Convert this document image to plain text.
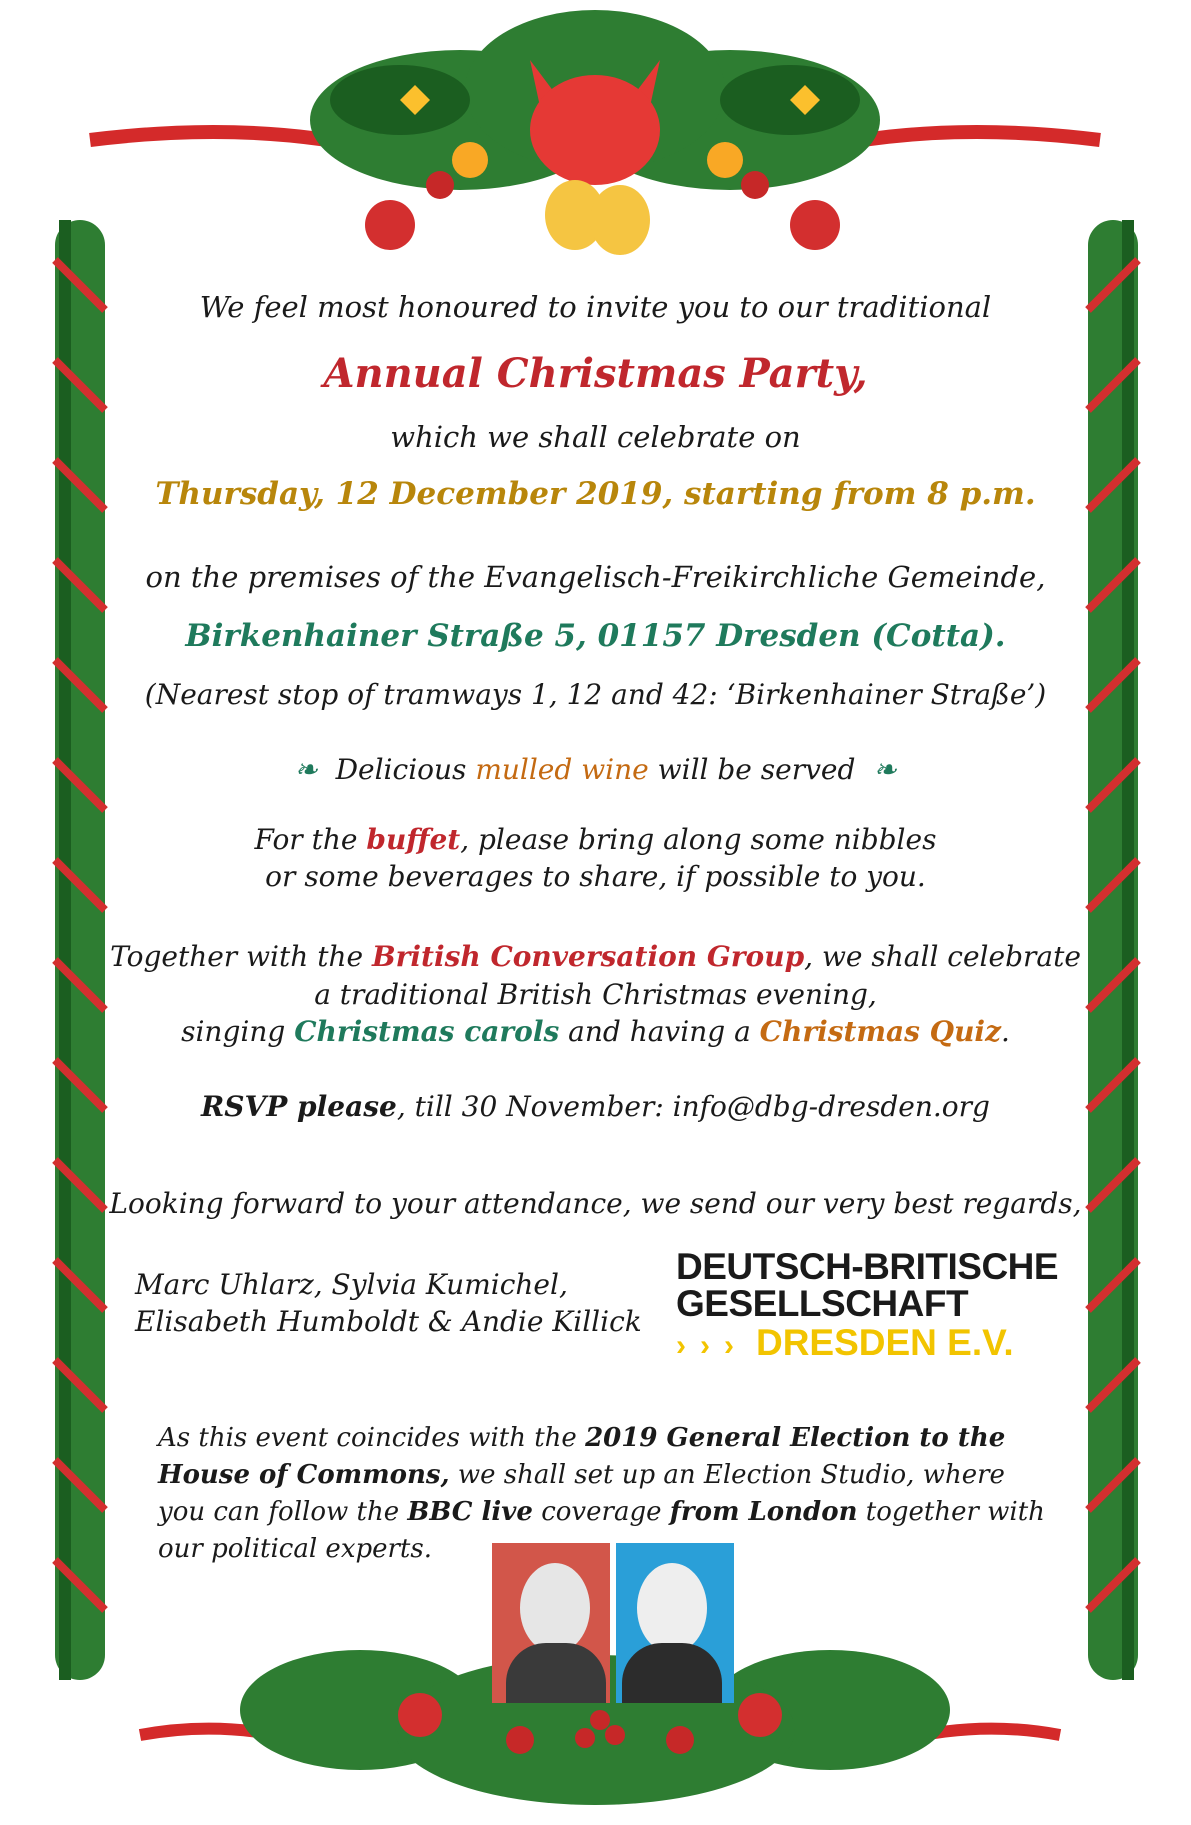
We feel most honoured to invite you to our traditional
Annual Christmas Party,
which we shall celebrate on
Thursday, 12 December 2019, starting from 8 p.m.
on the premises of the Evangelisch-Freikirchliche Gemeinde,
Birkenhainer Straße 5, 01157 Dresden (Cotta).
(Nearest stop of tramways 1, 12 and 42: ‘Birkenhainer Straße’)
❧ Delicious mulled wine will be served ❧
For the buffet, please bring along some nibbles
or some beverages to share, if possible to you.
Together with the British Conversation Group, we shall celebrate
a traditional British Christmas evening,
singing Christmas carols and having a Christmas Quiz.
RSVP please, till 30 November: info@dbg-dresden.org
Looking forward to your attendance, we send our very best regards,
Marc Uhlarz, Sylvia Kumichel,
Elisabeth Humboldt & Andie Killick
DEUTSCH-BRITISCHE
GESELLSCHAFT
››› DRESDEN E.V.
As this event coincides with the 2019 General Election to the House of Commons, we shall set up an Election Studio, where you can follow the BBC live coverage from London together with our political experts.
